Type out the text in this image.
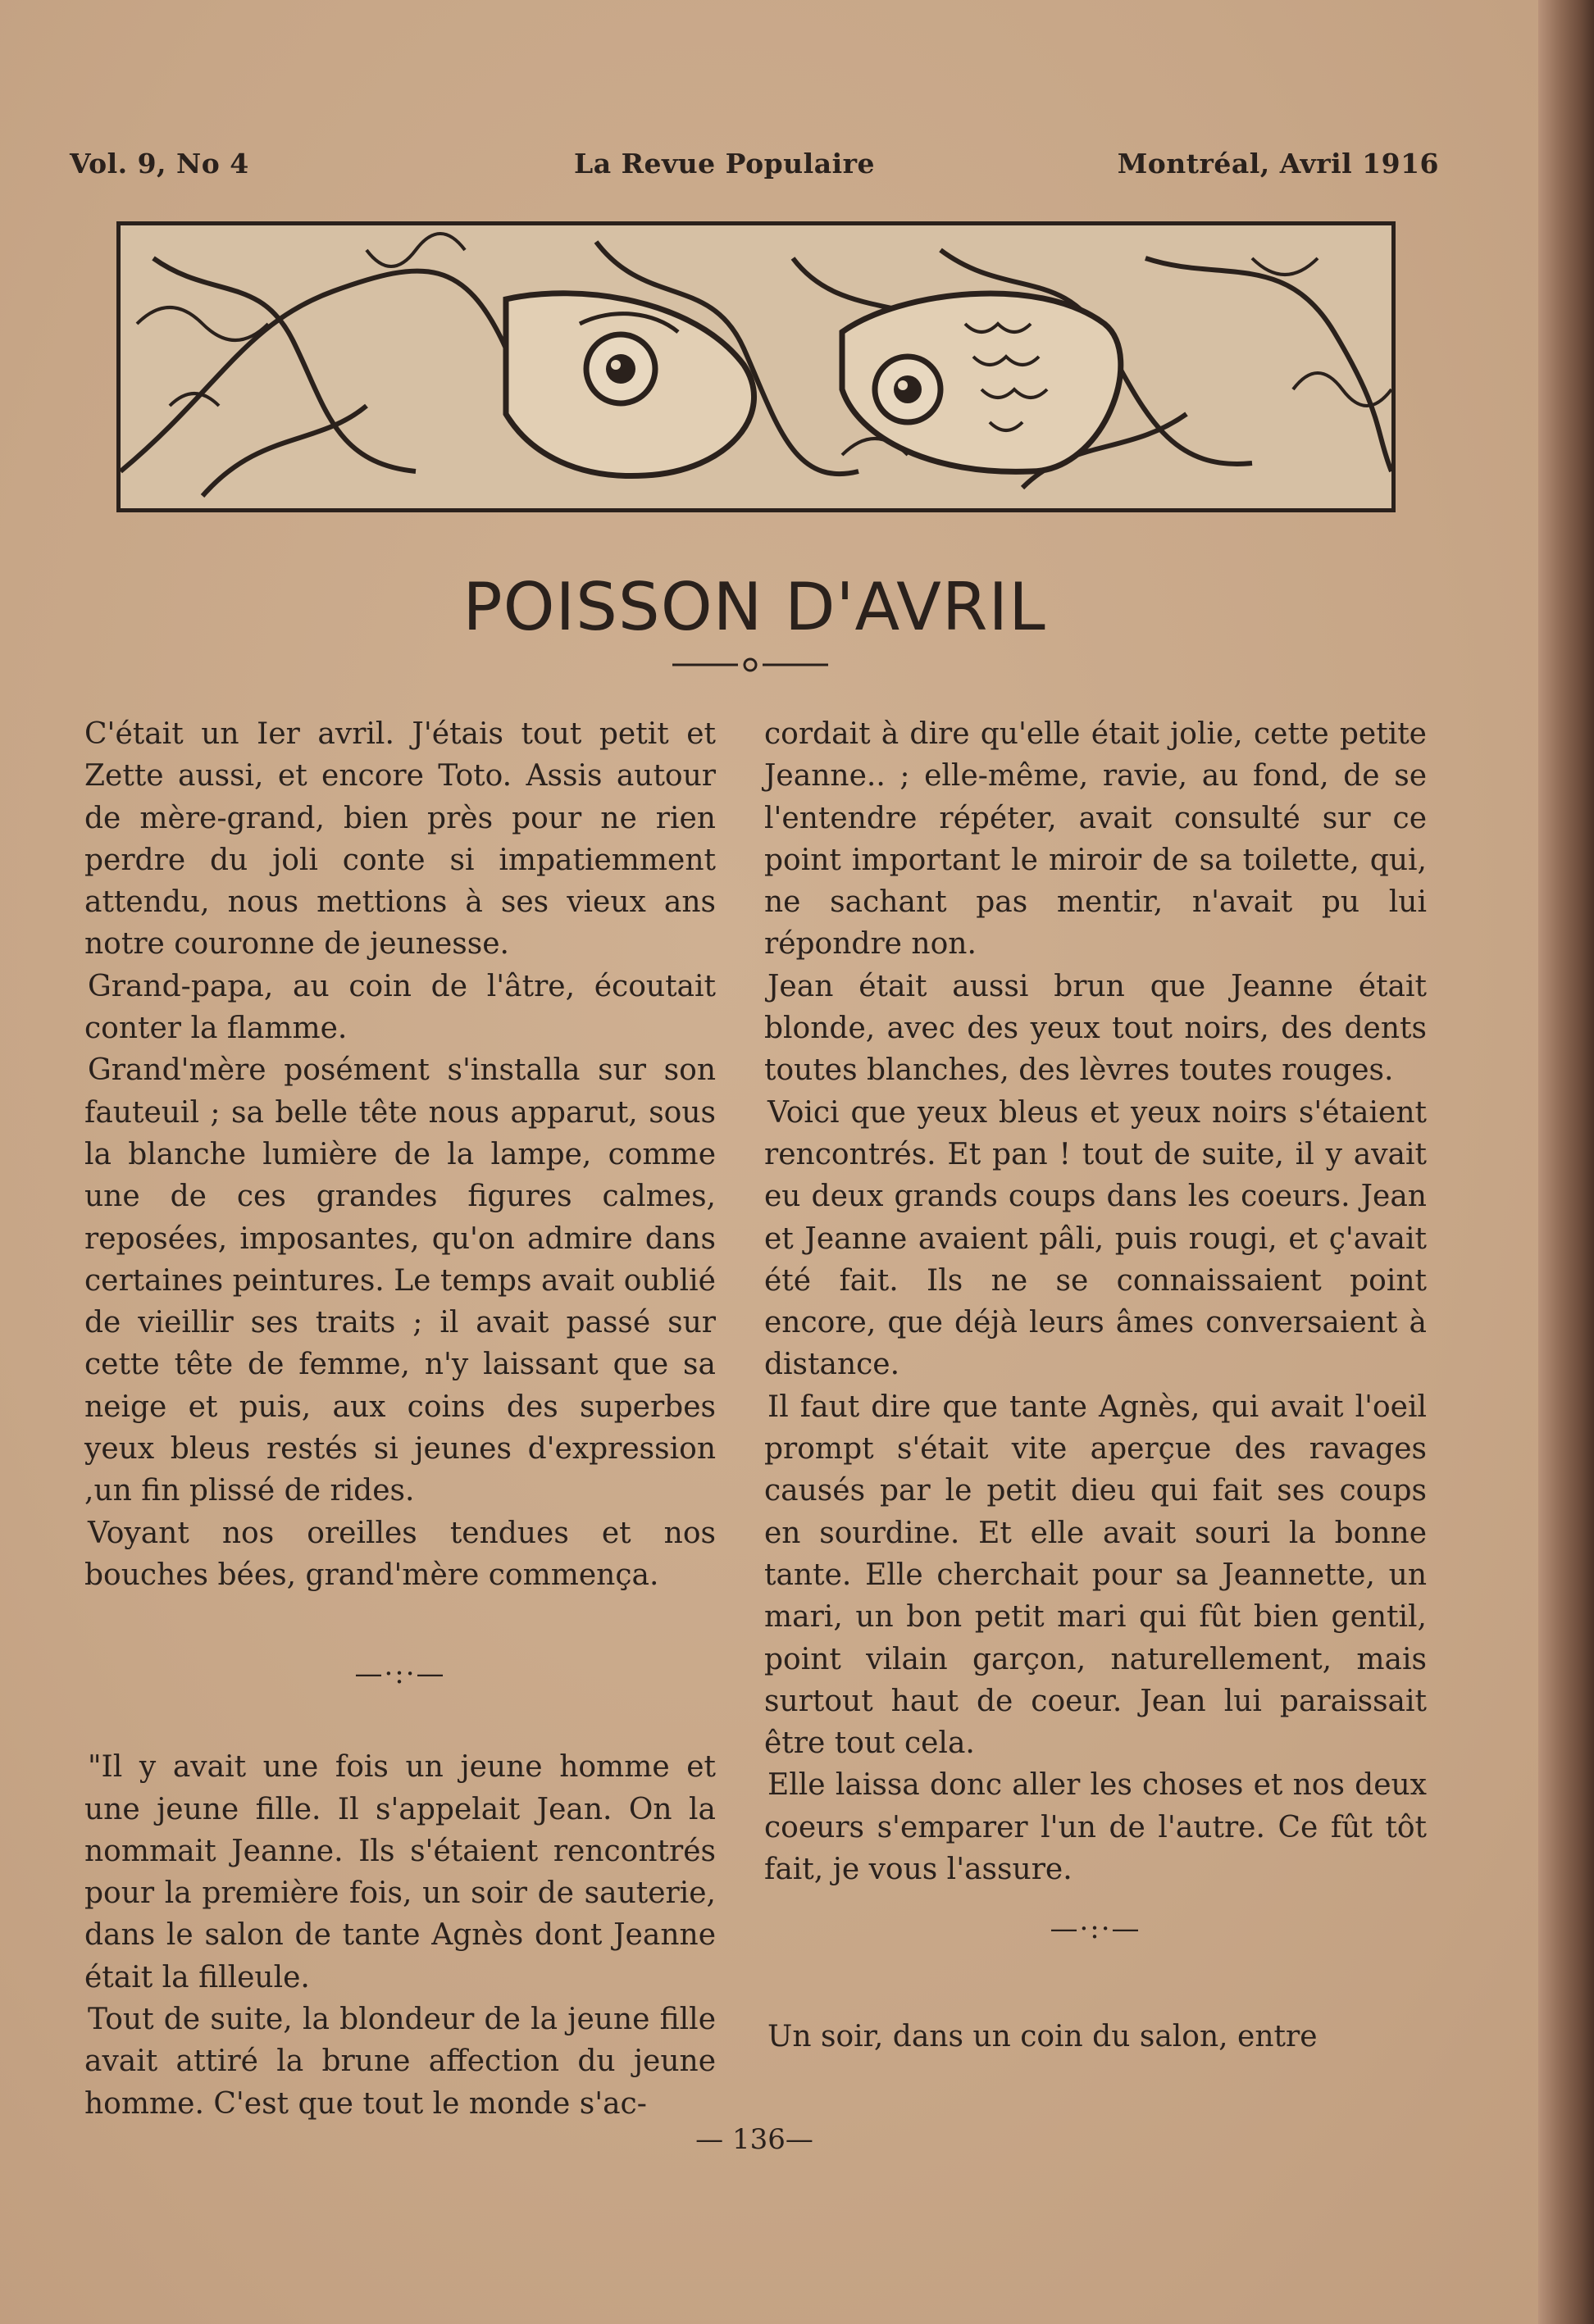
Vol. 9, No 4	La Revue Populaire	Montréal, Avril 1916
POISSON D'AVRIL

C'était un Ier avril. J'étais tout petit et Zette aussi, et encore Toto. Assis autour de mère-grand, bien près pour ne rien perdre du joli conte si impatiemment attendu, nous mettions à ses vieux ans notre couronne de jeunesse.

Grand-papa, au coin de l'âtre, écoutait conter la flamme.

Grand'mère posément s'installa sur son fauteuil ; sa belle tête nous apparut, sous la blanche lumière de la lampe, comme une de ces grandes figures calmes, reposées, imposantes, qu'on admire dans certaines peintures. Le temps avait oublié de vieillir ses traits ; il avait passé sur cette tête de femme, n'y laissant que sa neige et puis, aux coins des superbes yeux bleus restés si jeunes d'expression ,un fin plissé de rides.

Voyant nos oreilles tendues et nos bouches bées, grand'mère commença.

—·:·—

"Il y avait une fois un jeune homme et une jeune fille. Il s'appelait Jean. On la nommait Jeanne. Ils s'étaient rencontrés pour la première fois, un soir de sauterie, dans le salon de tante Agnès dont Jeanne était la filleule.

Tout de suite, la blondeur de la jeune fille avait attiré la brune affection du jeune homme. C'est que tout le monde s'ac-

cordait à dire qu'elle était jolie, cette petite Jeanne.. ; elle-même, ravie, au fond, de se l'entendre répéter, avait consulté sur ce point important le miroir de sa toilette, qui, ne sachant pas mentir, n'avait pu lui répondre non.

Jean était aussi brun que Jeanne était blonde, avec des yeux tout noirs, des dents toutes blanches, des lèvres toutes rouges.

Voici que yeux bleus et yeux noirs s'étaient rencontrés. Et pan ! tout de suite, il y avait eu deux grands coups dans les coeurs. Jean et Jeanne avaient pâli, puis rougi, et ç'avait été fait. Ils ne se connaissaient point encore, que déjà leurs âmes conversaient à distance.

Il faut dire que tante Agnès, qui avait l'oeil prompt s'était vite aperçue des ravages causés par le petit dieu qui fait ses coups en sourdine. Et elle avait souri la bonne tante. Elle cherchait pour sa Jeannette, un mari, un bon petit mari qui fût bien gentil, point vilain garçon, naturellement, mais surtout haut de coeur. Jean lui paraissait être tout cela.

Elle laissa donc aller les choses et nos deux coeurs s'emparer l'un de l'autre. Ce fût tôt fait, je vous l'assure.

—·:·—

Un soir, dans un coin du salon, entre

— 136—
